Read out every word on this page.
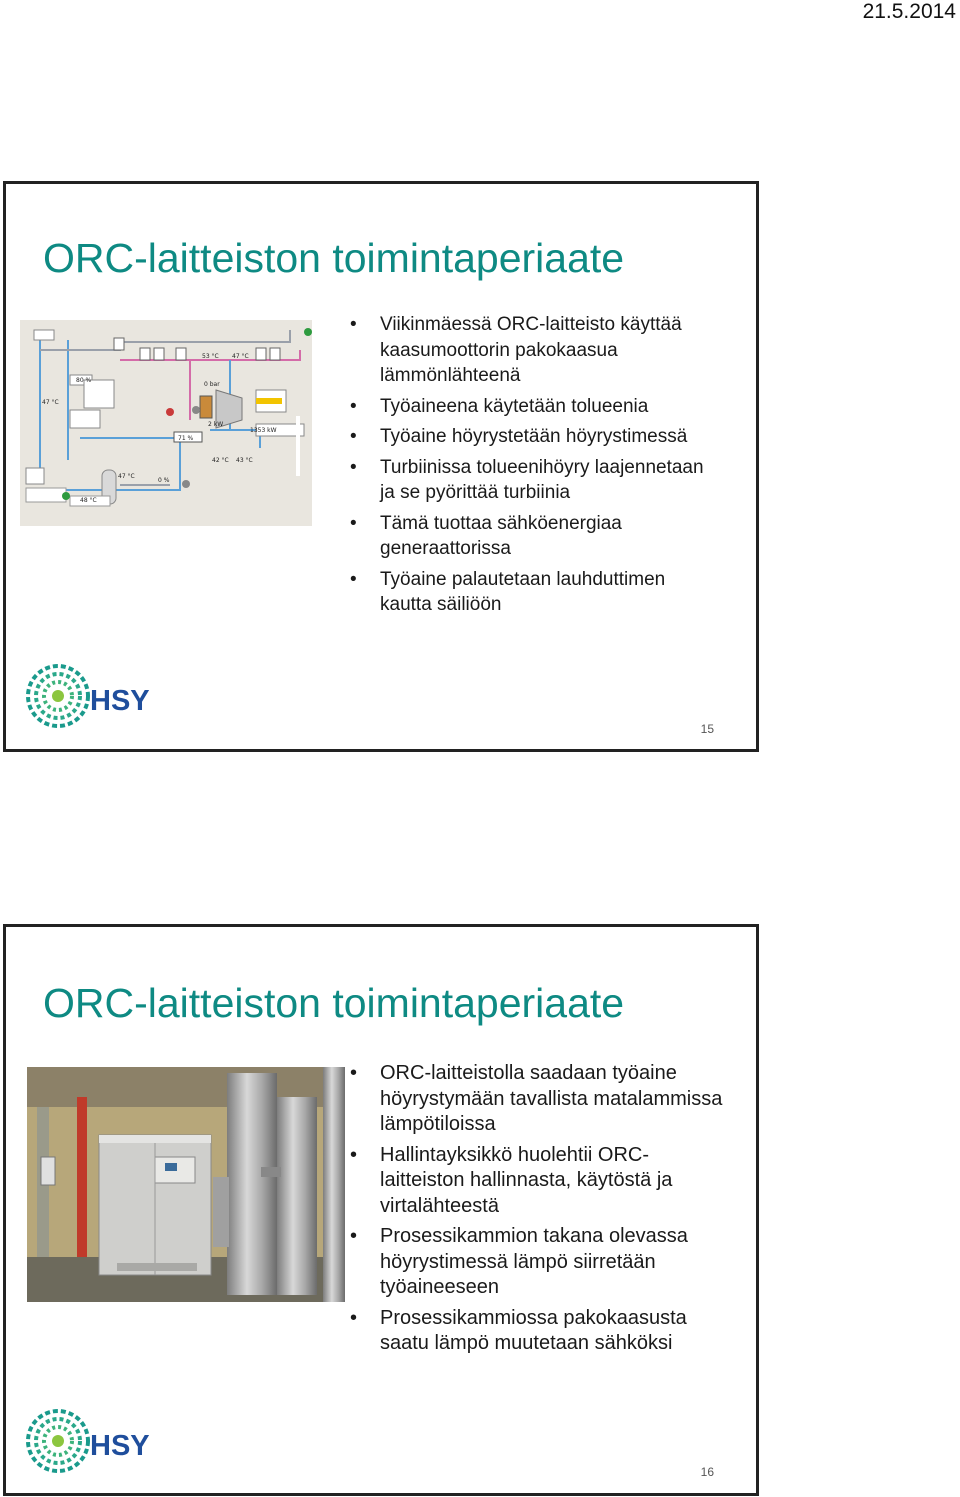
21.5.2014
ORC-laitteiston toimintaperiaate
1353 kW
47 °C
80 %
53 °C 47 °C
0 bar
2 kW
42 °C 43 °C
48 °C
47 °C
0 %
71 %
• Viikinmäessä ORC-laitteisto käyttää kaasumoottorin pakokaasua lämmönlähteenä
• Työaineena käytetään tolueenia
• Työaine höyrystetään höyrystimessä
• Turbiinissa tolueenihöyry laajennetaan ja se pyörittää turbiinia
• Tämä tuottaa sähköenergiaa generaattorissa
• Työaine palautetaan lauhduttimen kautta säiliöön
HSY
15
ORC-laitteiston toimintaperiaate
• ORC-laitteistolla saadaan työaine höyrystymään tavallista matalammissa lämpötiloissa
• Hallintayksikkö huolehtii ORC-laitteiston hallinnasta, käytöstä ja virtalähteestä
• Prosessikammion takana olevassa höyrystimessä lämpö siirretään työaineeseen
• Prosessikammiossa pakokaasusta saatu lämpö muutetaan sähköksi
HSY
16
